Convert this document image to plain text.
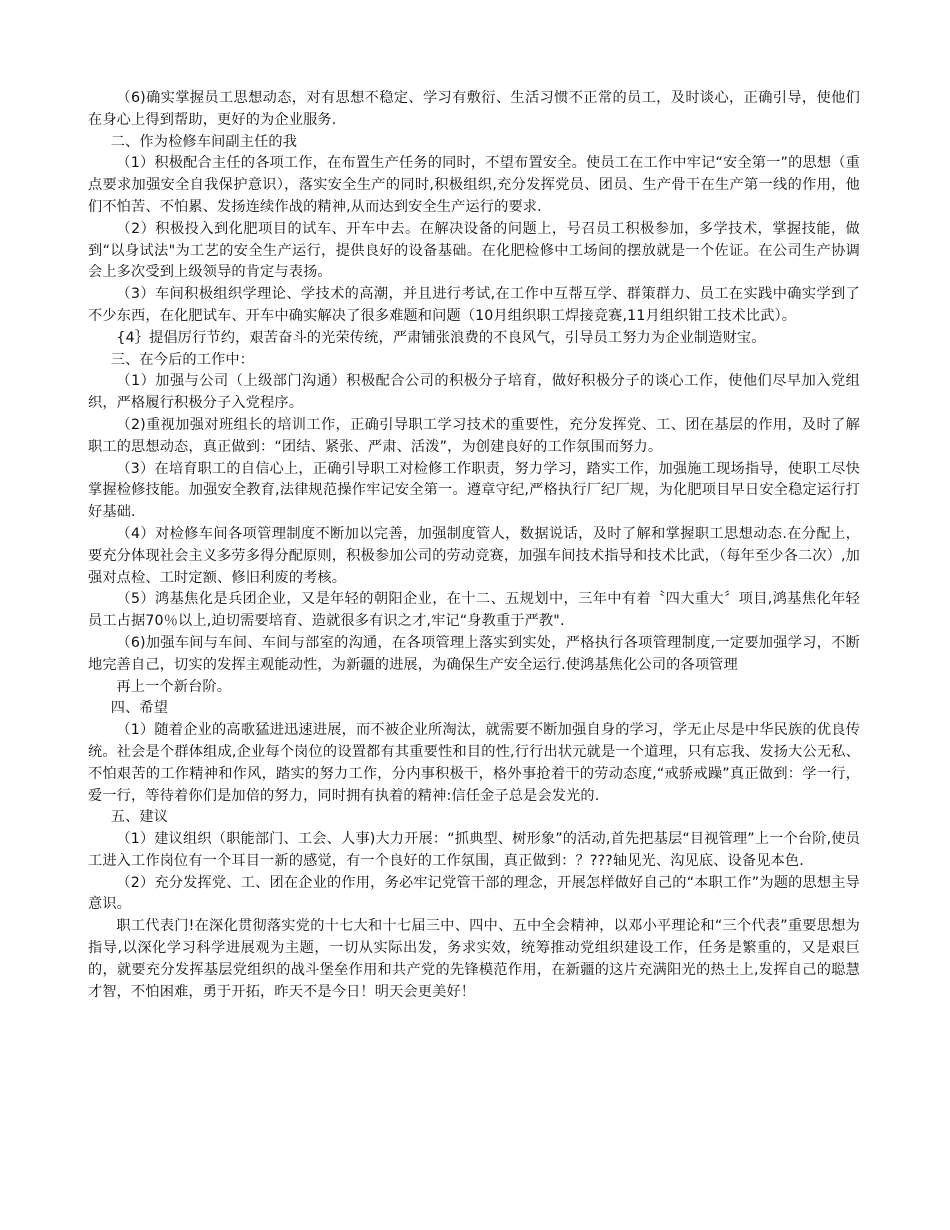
（6)确实掌握员工思想动态，对有思想不稳定、学习有敷衍、生活习惯不正常的员工，及时谈心，正确引导，使他们在身心上得到帮助，更好的为企业服务.

二、作为检修车间副主任的我

（1）积极配合主任的各项工作，在布置生产任务的同时，不望布置安全。使员工在工作中牢记“安全第一”的思想（重点要求加强安全自我保护意识），落实安全生产的同时,积极组织,充分发挥党员、团员、生产骨干在生产第一线的作用，他们不怕苦、不怕累、发扬连续作战的精神,从而达到安全生产运行的要求.

（2）积极投入到化肥项目的试车、开车中去。在解决设备的问题上，号召员工积极参加，多学技术，掌握技能，做到“以身试法"为工艺的安全生产运行，提供良好的设备基础。在化肥检修中工场间的摆放就是一个佐证。在公司生产协调会上多次受到上级领导的肯定与表扬。

（3）车间积极组织学理论、学技术的高潮，并且进行考试,在工作中互帮互学、群策群力、员工在实践中确实学到了不少东西，在化肥试车、开车中确实解决了很多难题和问题（10月组织职工焊接竞赛,11月组织钳工技术比武）。

{4｝提倡厉行节约，艰苦奋斗的光荣传统，严肃铺张浪费的不良风气，引导员工努力为企业制造财宝。

三、在今后的工作中：

（1）加强与公司（上级部门沟通）积极配合公司的积极分子培育，做好积极分子的谈心工作，使他们尽早加入党组织，严格履行积极分子入党程序。

（2)重视加强对班组长的培训工作，正确引导职工学习技术的重要性，充分发挥党、工、团在基层的作用，及时了解职工的思想动态，真正做到：“团结、紧张、严肃、活泼”，为创建良好的工作氛围而努力。

（3）在培育职工的自信心上，正确引导职工对检修工作职责，努力学习，踏实工作，加强施工现场指导，使职工尽快掌握检修技能。加强安全教育,法律规范操作牢记安全第一。遵章守纪,严格执行厂纪厂规，为化肥项目早日安全稳定运行打好基础.

（4）对检修车间各项管理制度不断加以完善，加强制度管人，数据说话，及时了解和掌握职工思想动态.在分配上，要充分体现社会主义多劳多得分配原则，积极参加公司的劳动竞赛，加强车间技术指导和技术比武，（每年至少各二次）,加强对点检、工时定额、修旧利废的考核。

（5）鸿基焦化是兵团企业，又是年轻的朝阳企业，在十二、五规划中，三年中有着〝四大重大〞项目,鸿基焦化年轻员工占据70％以上,迫切需要培育、造就很多有识之才,牢记“身教重于严教".

（6)加强车间与车间、车间与部室的沟通，在各项管理上落实到实处，严格执行各项管理制度,一定要加强学习，不断地完善自己，切实的发挥主观能动性，为新疆的进展，为确保生产安全运行.使鸿基焦化公司的各项管理

再上一个新台阶。

四、希望

（1）随着企业的高歌猛进迅速进展，而不被企业所淘汰，就需要不断加强自身的学习，学无止尽是中华民族的优良传统。社会是个群体组成,企业每个岗位的设置都有其重要性和目的性,行行出状元就是一个道理，只有忘我、发扬大公无私、不怕艰苦的工作精神和作风，踏实的努力工作，分内事积极干，格外事抢着干的劳动态度,“戒骄戒躁”真正做到：学一行，爱一行，等待着你们是加倍的努力，同时拥有执着的精神:信任金子总是会发光的.

五、建议

（1）建议组织（职能部门、工会、人事)大力开展：“抓典型、树形象”的活动,首先把基层“目视管理”上一个台阶,使员工进入工作岗位有一个耳目一新的感觉，有一个良好的工作氛围，真正做到：？???轴见光、沟见底、设备见本色.

（2）充分发挥党、工、团在企业的作用，务必牢记党管干部的理念，开展怎样做好自己的“本职工作”为题的思想主导意识。

职工代表门!在深化贯彻落实党的十七大和十七届三中、四中、五中全会精神，以邓小平理论和“三个代表”重要思想为指导,以深化学习科学进展观为主题，一切从实际出发，务求实效，统筹推动党组织建设工作，任务是繁重的，又是艰巨的，就要充分发挥基层党组织的战斗堡垒作用和共产党的先锋模范作用，在新疆的这片充满阳光的热土上,发挥自己的聪慧才智，不怕困难，勇于开拓，昨天不是今日！明天会更美好！
